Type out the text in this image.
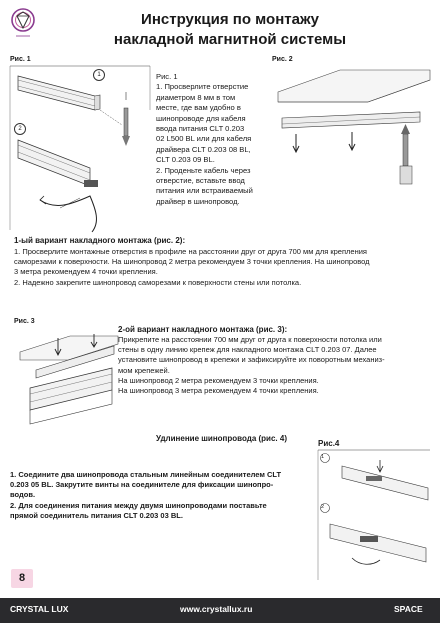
Инструкция по монтажу
накладной магнитной системы
Рис. 1
1
2
Рис. 1
1. Просверлите отверстие
диаметром 8 мм в том
месте, где вам удобно в
шинопроводе для кабеля
ввода питания CLT 0.203
02 L500 BL или для кабеля
драйвера CLT 0.203 08 BL,
CLT 0.203 09 BL.
2. Проденьте кабель через
отверстие, вставьте ввод
питания или встраиваемый
драйвер в шинопровод.
Рис. 2
1-ый вариант накладного монтажа (рис. 2):
1. Просверлите монтажные отверстия в профиле на расстоянии друг от друга 700 мм для крепления
саморезами к поверхности. На шинопровод 2 метра рекомендуем 3 точки крепления. На шинопровод
3 метра рекомендуем 4 точки крепления.
2. Надежно закрепите шинопровод саморезами к поверхности стены или потолка.
Рис. 3
2-ой вариант накладного монтажа (рис. 3):
Прикрепите на расстоянии 700 мм друг от друга к поверхности потолка или
стены в одну линию крепеж для накладного монтажа CLT 0.203 07. Далее
установите шинопровод в крепежи и зафиксируйте их поворотным механиз-
мом крепежей.
На шинопровод 2 метра рекомендуем 3 точки крепления.
На шинопровод 3 метра рекомендуем 4 точки крепления.
Удлинение шинопровода (рис. 4)
Рис.4
1. Соедините два шинопровода стальным линейным соединителем CLT
0.203 05 BL. Закрутите винты на соединителе для фиксации шинопро-
водов.
2. Для соединения питания между двумя шинопроводами поставьте
прямой соединитель питания CLT 0.203 03 BL.
1
2
8
CRYSTAL LUX	www.crystallux.ru	SPACE
